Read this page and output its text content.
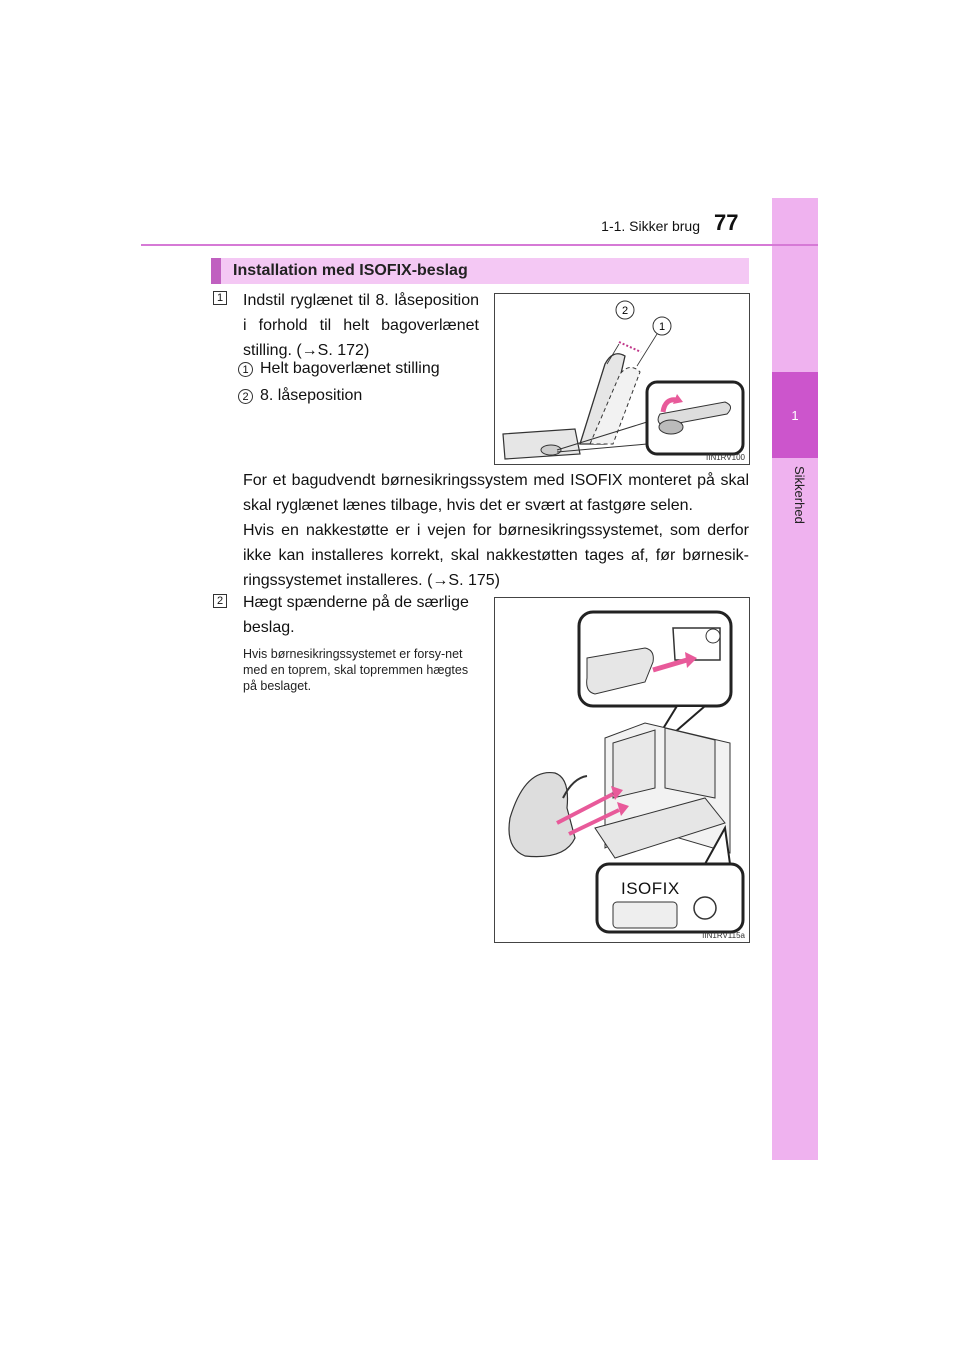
1
Sikkerhed
1-1. Sikker brug 77
Installation med ISOFIX-beslag
1 Indstil ryglænet til 8. låseposition i forhold til helt bagoverlænet stilling. (→S. 172)
1 Helt bagoverlænet stilling
2 8. låseposition
2
1
IIN1RV100
For et bagudvendt børnesikringssystem med ISOFIX monteret på skal skal ryglænet lænes tilbage, hvis det er svært at fastgøre selen.
Hvis en nakkestøtte er i vejen for børnesikringssystemet, som derfor ikke kan installeres korrekt, skal nakkestøtten tages af, før børnesik-ringssystemet installeres. (→S. 175)
2 Hægt spænderne på de særlige beslag.
Hvis børnesikringssystemet er forsy-net med en toprem, skal topremmen hægtes på beslaget.
ISOFIX
IIN1RV115a
